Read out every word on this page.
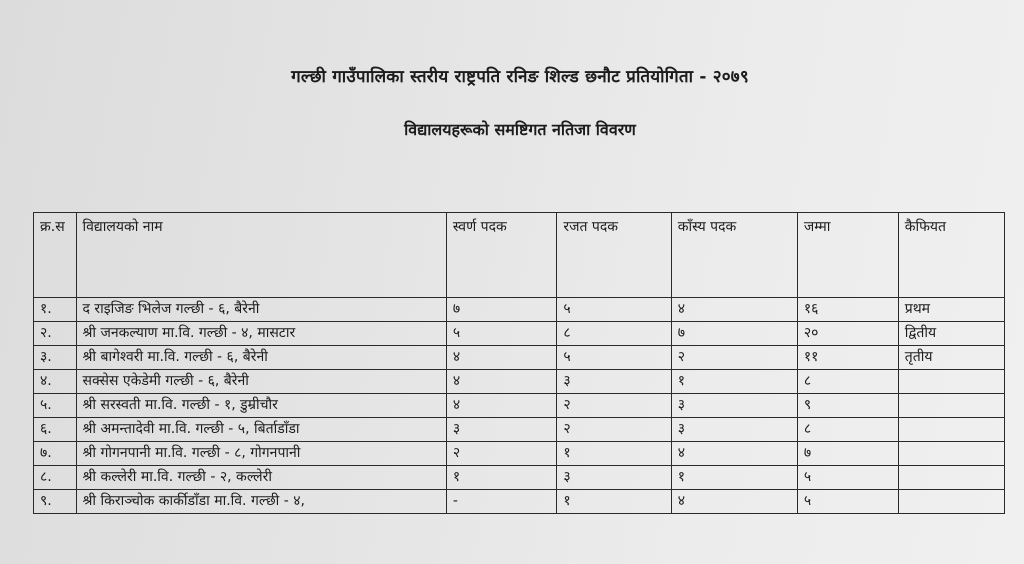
गल्छी गाउँपालिका स्तरीय राष्ट्रपति रनिङ शिल्ड छनौट प्रतियोगिता - २०७९
विद्यालयहरूको समष्टिगत नतिजा विवरण
क्र.स	विद्यालयको नाम	स्वर्ण पदक	रजत पदक	काँस्य पदक	जम्मा	कैफियत
१.	द राइजिङ भिलेज गल्छी - ६, बैरेनी	७	५	४	१६	प्रथम
२.	श्री जनकल्याण मा.वि. गल्छी - ४, मासटार	५	८	७	२०	द्वितीय
३.	श्री बागेश्वरी मा.वि. गल्छी - ६, बैरेनी	४	५	२	११	तृतीय
४.	सक्सेस एकेडेमी गल्छी - ६, बैरेनी	४	३	१	८	
५.	श्री सरस्वती मा.वि. गल्छी - १, डुम्रीचौर	४	२	३	९	
६.	श्री अमन्तादेवी मा.वि. गल्छी - ५, बिर्ताडाँडा	३	२	३	८	
७.	श्री गोगनपानी मा.वि. गल्छी - ८, गोगनपानी	२	१	४	७	
८.	श्री कल्लेरी मा.वि. गल्छी - २, कल्लेरी	१	३	१	५	
९.	श्री किराञ्चोक कार्कीडाँडा मा.वि. गल्छी - ४,	-	१	४	५	
